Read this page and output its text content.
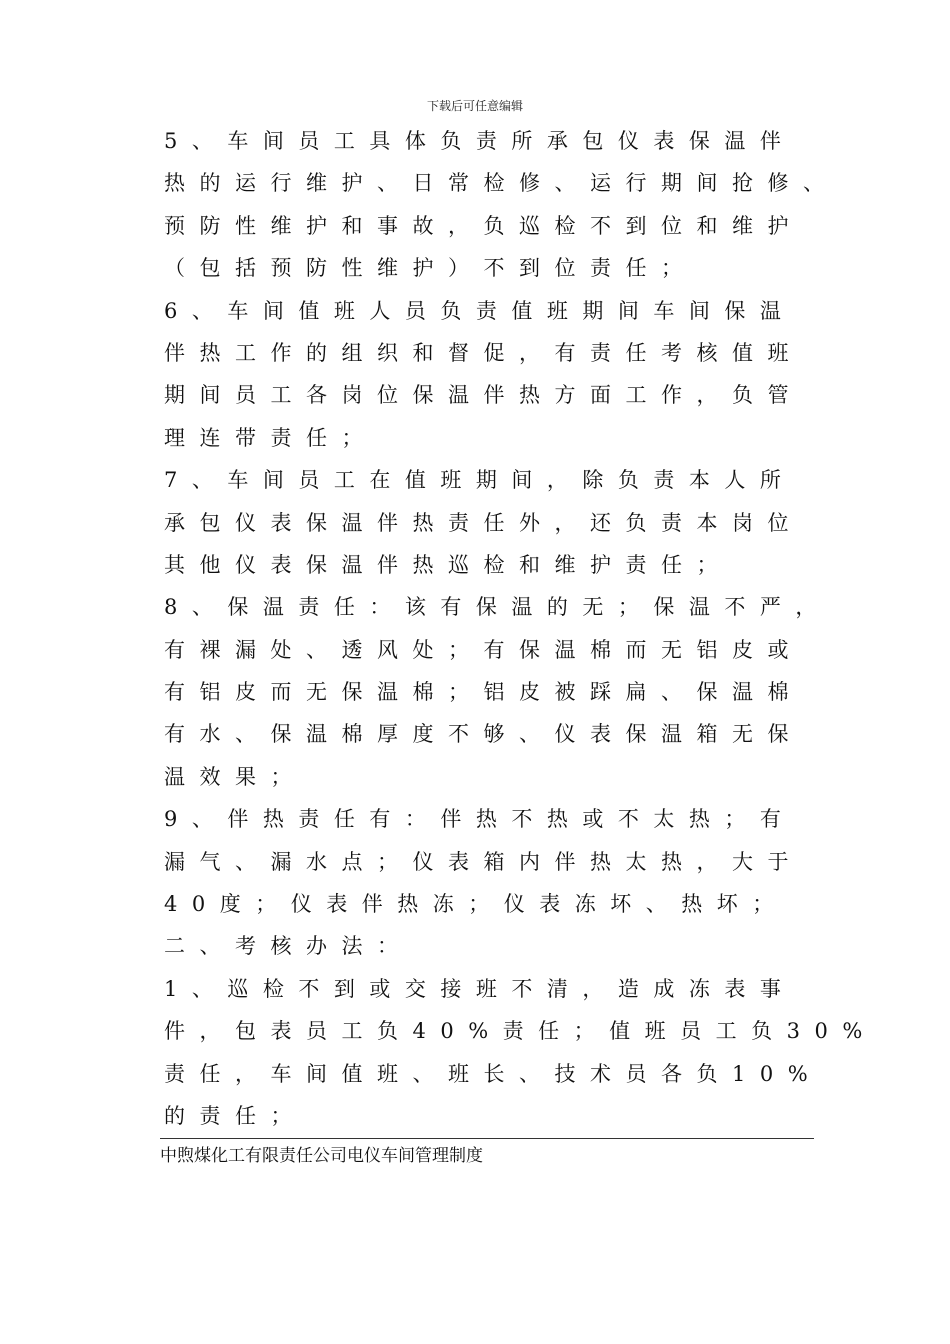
下载后可任意编辑
5、车间员工具体负责所承包仪表保温伴
热的运行维护、日常检修、运行期间抢修、
预防性维护和事故，负巡检不到位和维护
（包括预防性维护）不到位责任；
6、车间值班人员负责值班期间车间保温
伴热工作的组织和督促，有责任考核值班
期间员工各岗位保温伴热方面工作，负管
理连带责任；
7、车间员工在值班期间，除负责本人所
承包仪表保温伴热责任外，还负责本岗位
其他仪表保温伴热巡检和维护责任；
8、保温责任：该有保温的无；保温不严，
有裸漏处、透风处；有保温棉而无铝皮或
有铝皮而无保温棉；铝皮被踩扁、保温棉
有水、保温棉厚度不够、仪表保温箱无保
温效果；
9、伴热责任有：伴热不热或不太热；有
漏气、漏水点；仪表箱内伴热太热，大于
40度；仪表伴热冻；仪表冻坏、热坏；
二、考核办法：
1、巡检不到或交接班不清，造成冻表事
件，包表员工负40%责任；值班员工负30%
责任，车间值班、班长、技术员各负10%
的责任；
中煦煤化工有限责任公司电仪车间管理制度
